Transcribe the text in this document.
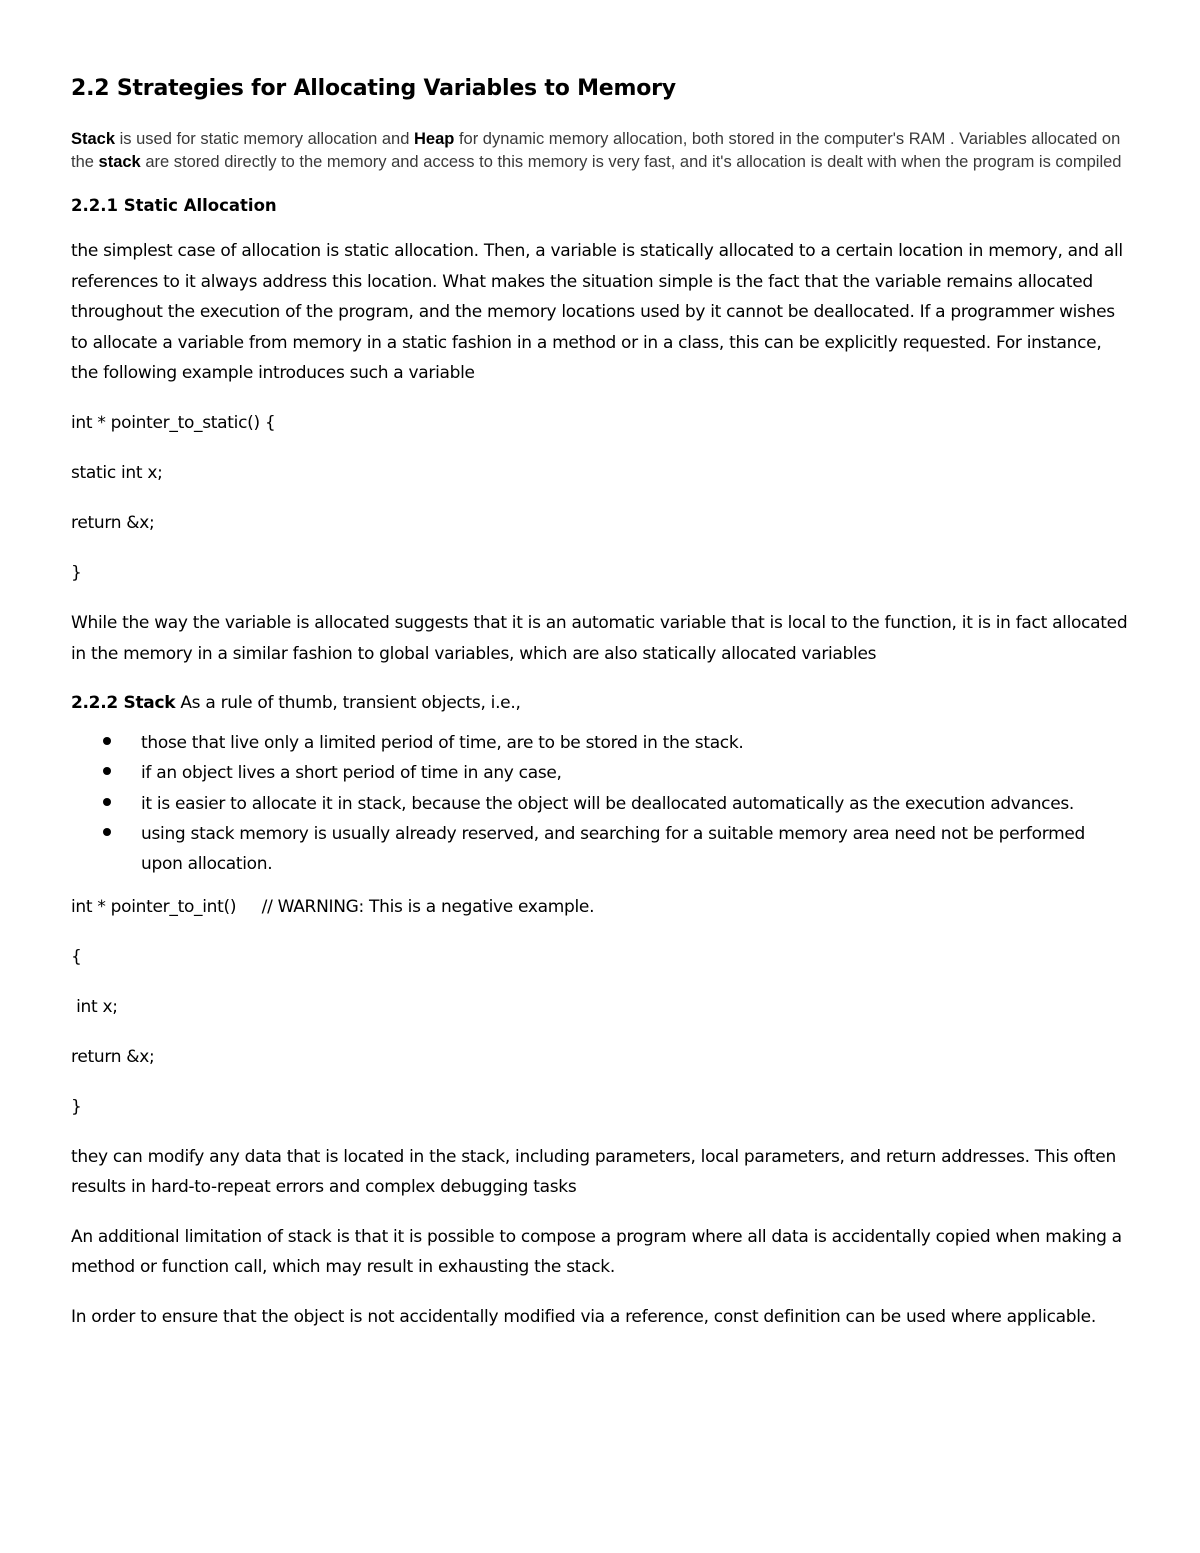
2.2 Strategies for Allocating Variables to Memory

Stack is used for static memory allocation and Heap for dynamic memory allocation, both stored in the computer's RAM . Variables allocated on the stack are stored directly to the memory and access to this memory is very fast, and it's allocation is dealt with when the program is compiled

2.2.1 Static Allocation

the simplest case of allocation is static allocation. Then, a variable is statically allocated to a certain location in memory, and all references to it always address this location. What makes the situation simple is the fact that the variable remains allocated throughout the execution of the program, and the memory locations used by it cannot be deallocated. If a programmer wishes to allocate a variable from memory in a static fashion in a method or in a class, this can be explicitly requested. For instance, the following example introduces such a variable

int * pointer_to_static() {
static int x;
return &x;
}

While the way the variable is allocated suggests that it is an automatic variable that is local to the function, it is in fact allocated in the memory in a similar fashion to global variables, which are also statically allocated variables

2.2.2 Stack As a rule of thumb, transient objects, i.e.,

those that live only a limited period of time, are to be stored in the stack.
if an object lives a short period of time in any case,
it is easier to allocate it in stack, because the object will be deallocated automatically as the execution advances.
using stack memory is usually already reserved, and searching for a suitable memory area need not be performed upon allocation.
int * pointer_to_int()     // WARNING: This is a negative example.
{
int x;
return &x;
}

they can modify any data that is located in the stack, including parameters, local parameters, and return addresses. This often results in hard-to-repeat errors and complex debugging tasks

An additional limitation of stack is that it is possible to compose a program where all data is accidentally copied when making a method or function call, which may result in exhausting the stack.

In order to ensure that the object is not accidentally modified via a reference, const definition can be used where applicable.
